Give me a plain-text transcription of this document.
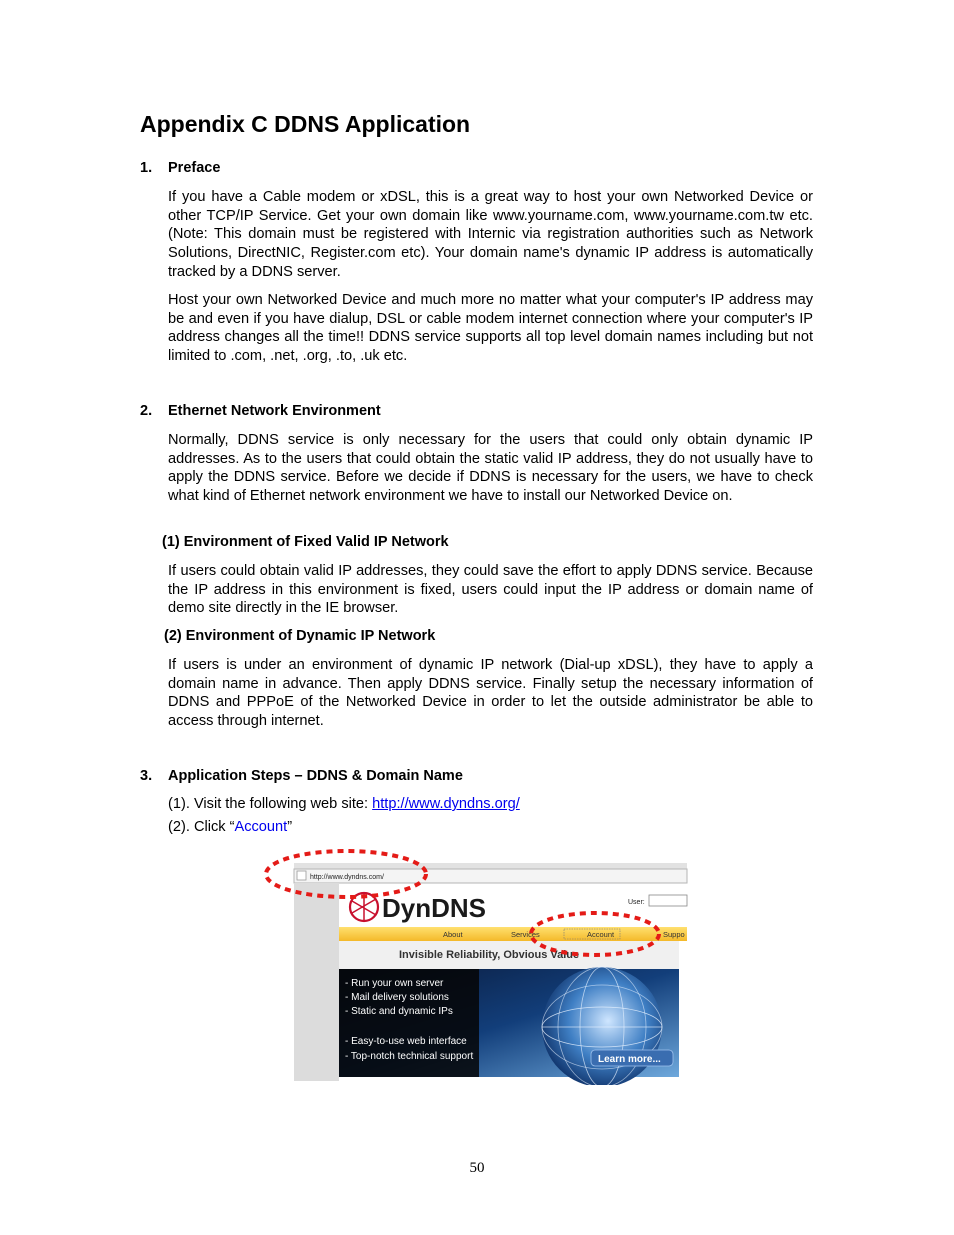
Appendix C DDNS Application
1. Preface
If you have a Cable modem or xDSL, this is a great way to host your own Networked Device or other TCP/IP Service. Get your own domain like www.yourname.com, www.yourname.com.tw etc. (Note: This domain must be registered with Internic via registration authorities such as Network Solutions, DirectNIC, Register.com etc). Your domain name's dynamic IP address is automatically tracked by a DDNS server.
Host your own Networked Device and much more no matter what your computer's IP address may be and even if you have dialup, DSL or cable modem internet connection where your computer's IP address changes all the time!! DDNS service supports all top level domain names including but not limited to .com, .net, .org, .to, .uk etc.
2. Ethernet Network Environment
Normally, DDNS service is only necessary for the users that could only obtain dynamic IP addresses. As to the users that could obtain the static valid IP address, they do not usually have to apply the DDNS service. Before we decide if DDNS is necessary for the users, we have to check what kind of Ethernet network environment we have to install our Networked Device on.
(1) Environment of Fixed Valid IP Network
If users could obtain valid IP addresses, they could save the effort to apply DDNS service. Because the IP address in this environment is fixed, users could input the IP address or domain name of demo site directly in the IE browser.
(2) Environment of Dynamic IP Network
If users is under an environment of dynamic IP network (Dial-up xDSL), they have to apply a domain name in advance. Then apply DDNS service. Finally setup the necessary information of DDNS and PPPoE of the Networked Device in order to let the outside administrator be able to access through internet.
3. Application Steps – DDNS & Domain Name
(1). Visit the following web site: http://www.dyndns.org/
(2). Click “Account”
http://www.dyndns.com/
DynDNS	User:
About	Services	Account	Suppo
Invisible Reliability, Obvious Value
- Run your own server - Mail delivery solutions - Static and dynamic IPs - Easy-to-use web interface - Top-notch technical support	Learn more...
50
